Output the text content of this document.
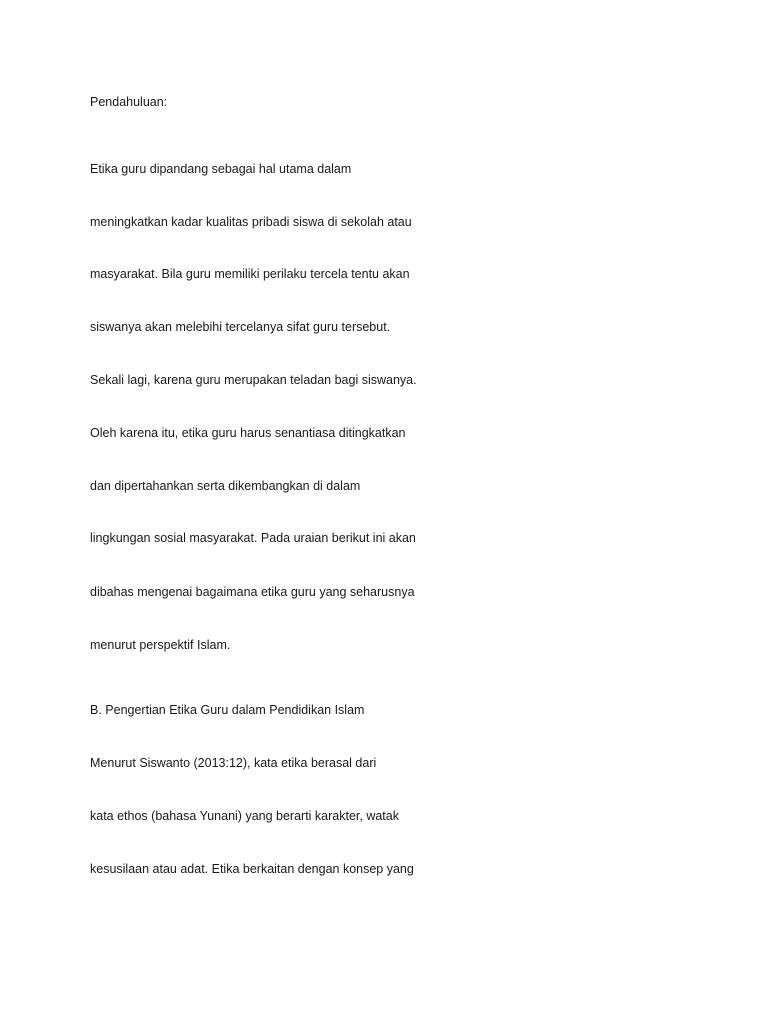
Pendahuluan:
Etika guru dipandang sebagai hal utama dalam
meningkatkan kadar kualitas pribadi siswa di sekolah atau
masyarakat. Bila guru memiliki perilaku tercela tentu akan
siswanya akan melebihi tercelanya sifat guru tersebut.
Sekali lagi, karena guru merupakan teladan bagi siswanya.
Oleh karena itu, etika guru harus senantiasa ditingkatkan
dan dipertahankan serta dikembangkan di dalam
lingkungan sosial masyarakat. Pada uraian berikut ini akan
dibahas mengenai bagaimana etika guru yang seharusnya
menurut perspektif Islam.
B. Pengertian Etika Guru dalam Pendidikan Islam
Menurut Siswanto (2013:12), kata etika berasal dari
kata ethos (bahasa Yunani) yang berarti karakter, watak
kesusilaan atau adat. Etika berkaitan dengan konsep yang
